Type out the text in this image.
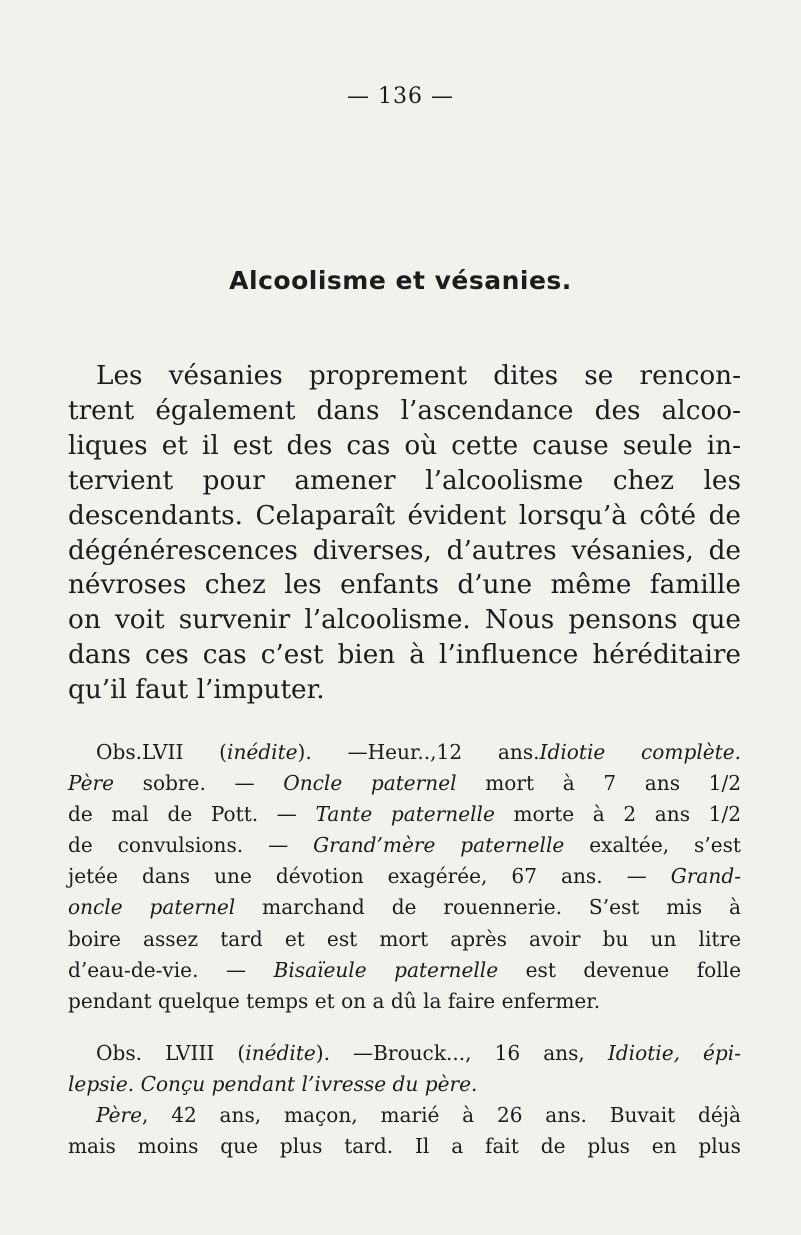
— 136 —
Alcoolisme et vésanies.
Les vésanies proprement dites se rencon-
trent également dans l’ascendance des alcoo-
liques et il est des cas où cette cause seule in-
tervient pour amener l’alcoolisme chez les
descendants. Celaparaît évident lorsqu’à côté de
dégénérescences diverses, d’autres vésanies, de
névroses chez les enfants d’une même famille
on voit survenir l’alcoolisme. Nous pensons que
dans ces cas c’est bien à l’influence héréditaire
qu’il faut l’imputer.
Obs.LVII (inédite). —Heur..,12 ans.Idiotie complète.
Père sobre. — Oncle paternel mort à 7 ans 1/2
de mal de Pott. — Tante paternelle morte à 2 ans 1/2
de convulsions. — Grand’mère paternelle exaltée, s’est
jetée dans une dévotion exagérée, 67 ans. — Grand-
oncle paternel marchand de rouennerie. S’est mis à
boire assez tard et est mort après avoir bu un litre
d’eau-de-vie. — Bisaïeule paternelle est devenue folle
pendant quelque temps et on a dû la faire enfermer.
Obs. LVIII (inédite). —Brouck..., 16 ans, Idiotie, épi-
lepsie. Conçu pendant l’ivresse du père.
Père, 42 ans, maçon, marié à 26 ans. Buvait déjà
mais moins que plus tard. Il a fait de plus en plus
